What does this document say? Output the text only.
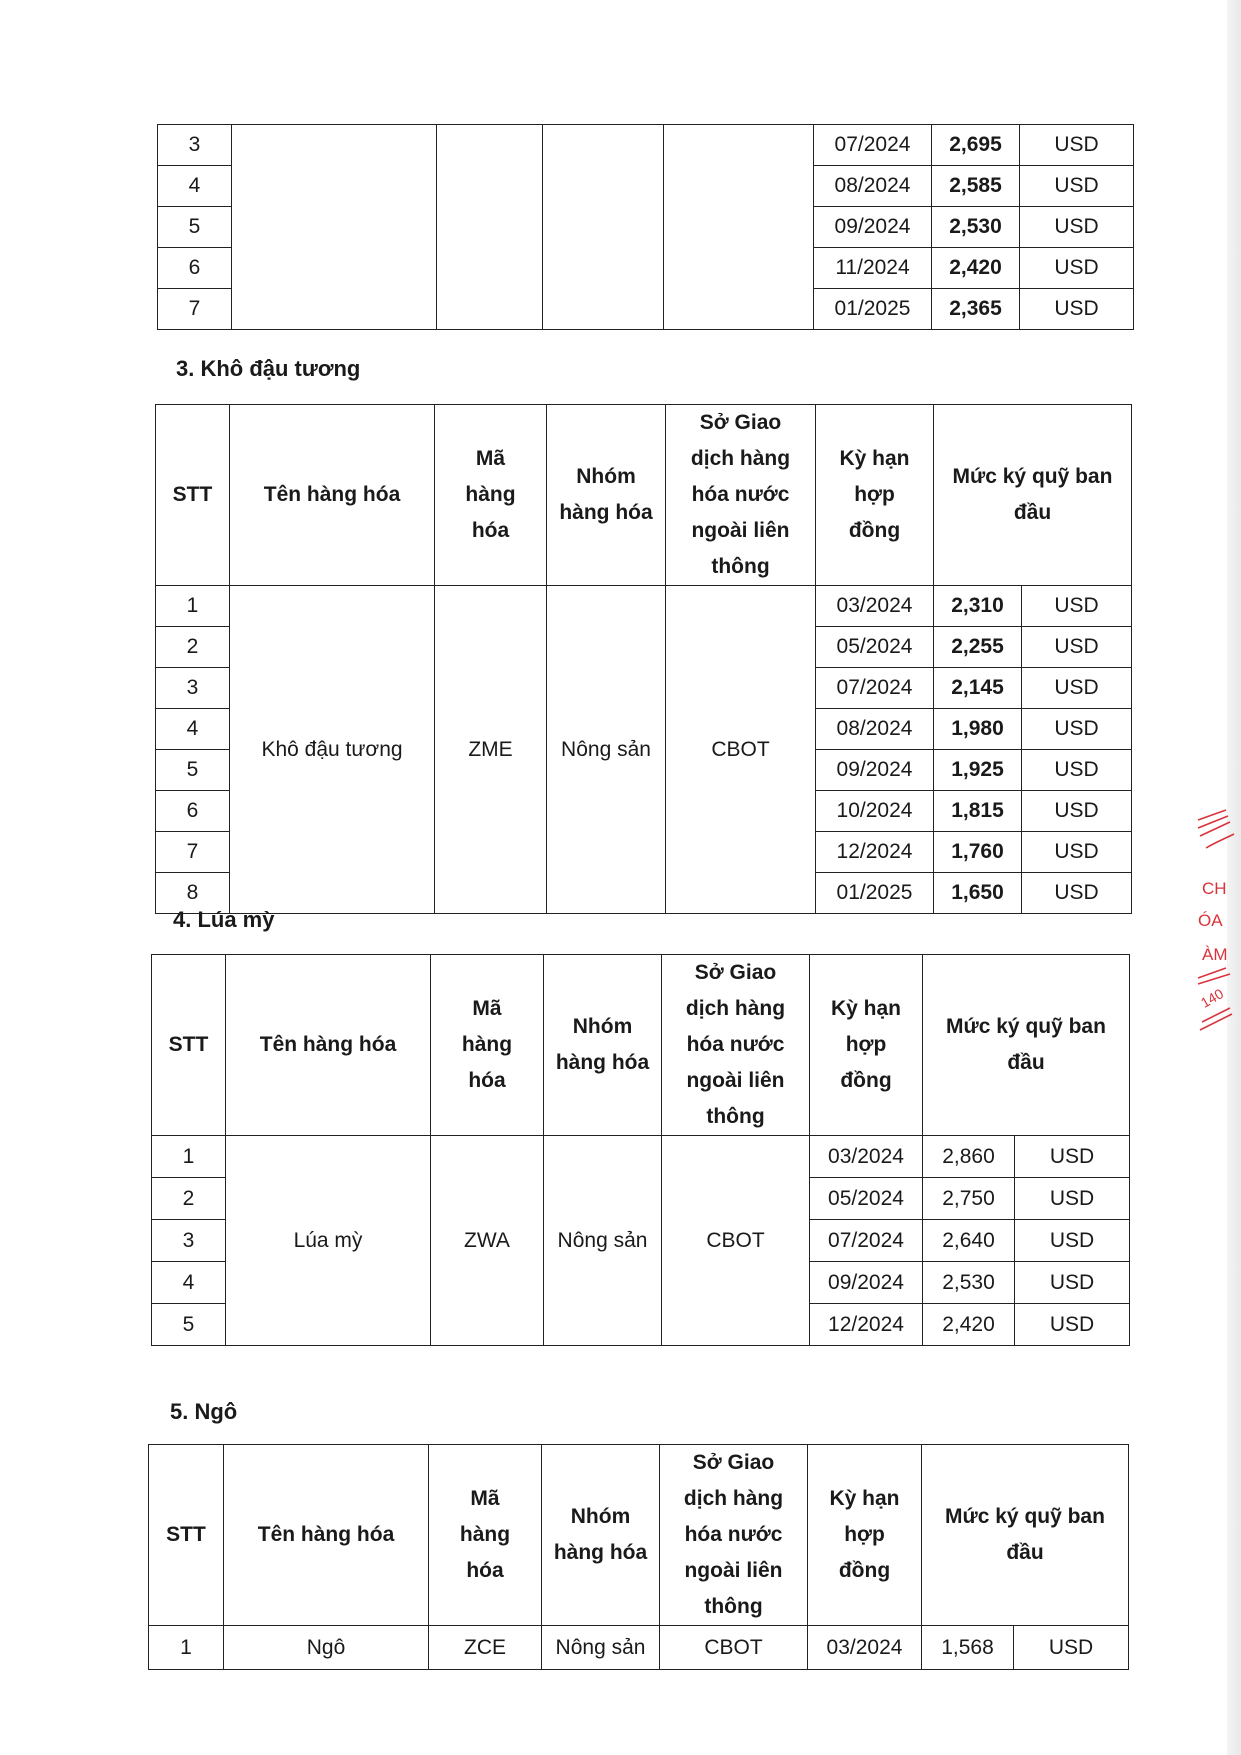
3					07/2024	2,695	USD
4					08/2024	2,585	USD
5					09/2024	2,530	USD
6					11/2024	2,420	USD
7					01/2025	2,365	USD
3. Khô đậu tương
STT	Tên hàng hóa	Mã hàng hóa	Nhóm hàng hóa	Sở Giao dịch hàng hóa nước ngoài liên thông	Kỳ hạn hợp đồng	Mức ký quỹ ban đầu	
1	Khô đậu tương	ZME	Nông sản	CBOT	03/2024	2,310	USD
2					05/2024	2,255	USD
3					07/2024	2,145	USD
4					08/2024	1,980	USD
5					09/2024	1,925	USD
6					10/2024	1,815	USD
7					12/2024	1,760	USD
8					01/2025	1,650	USD
4. Lúa mỳ
STT	Tên hàng hóa	Mã hàng hóa	Nhóm hàng hóa	Sở Giao dịch hàng hóa nước ngoài liên thông	Kỳ hạn hợp đồng	Mức ký quỹ ban đầu	
1	Lúa mỳ	ZWA	Nông sản	CBOT	03/2024	2,860	USD
2					05/2024	2,750	USD
3					07/2024	2,640	USD
4					09/2024	2,530	USD
5					12/2024	2,420	USD
5. Ngô
STT	Tên hàng hóa	Mã hàng hóa	Nhóm hàng hóa	Sở Giao dịch hàng hóa nước ngoài liên thông	Kỳ hạn hợp đồng	Mức ký quỹ ban đầu	
1	Ngô	ZCE	Nông sản	CBOT	03/2024	1,568	USD
CH
ÓA
ÀM
140
